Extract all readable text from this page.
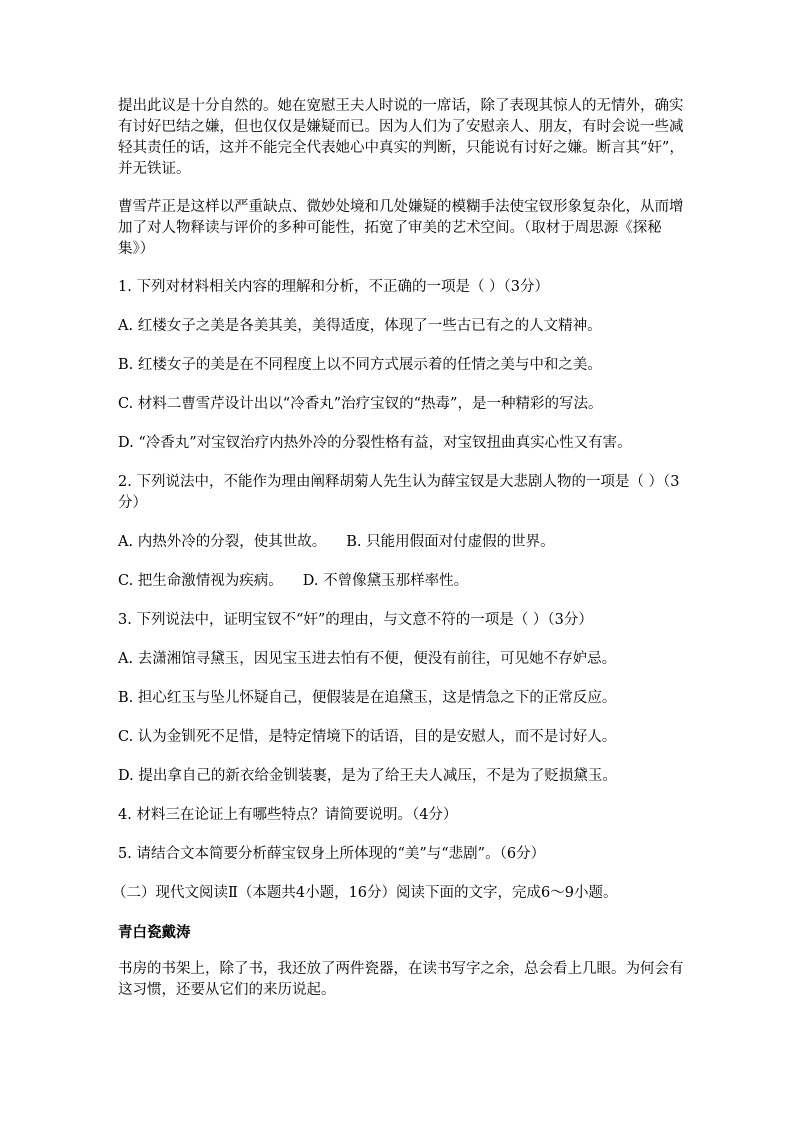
提出此议是十分自然的。她在宽慰王夫人时说的一席话，除了表现其惊人的无情外，确实有讨好巴结之嫌，但也仅仅是嫌疑而已。因为人们为了安慰亲人、朋友，有时会说一些减轻其责任的话，这并不能完全代表她心中真实的判断，只能说有讨好之嫌。断言其“奸”，并无铁证。

曹雪芹正是这样以严重缺点、微妙处境和几处嫌疑的模糊手法使宝钗形象复杂化，从而增加了对人物释读与评价的多种可能性，拓宽了审美的艺术空间。（取材于周思源《探秘集》）

1. 下列对材料相关内容的理解和分析，不正确的一项是（ ）（3分）

A. 红楼女子之美是各美其美，美得适度，体现了一些古已有之的人文精神。

B. 红楼女子的美是在不同程度上以不同方式展示着的任情之美与中和之美。

C. 材料二曹雪芹设计出以“冷香丸”治疗宝钗的“热毒”，是一种精彩的写法。

D. “冷香丸”对宝钗治疗内热外冷的分裂性格有益，对宝钗扭曲真实心性又有害。

2. 下列说法中，不能作为理由阐释胡菊人先生认为薛宝钗是大悲剧人物的一项是（ ）（3分）

A. 内热外冷的分裂，使其世故。 B. 只能用假面对付虚假的世界。

C. 把生命激情视为疾病。 D. 不曾像黛玉那样率性。

3. 下列说法中，证明宝钗不“奸”的理由，与文意不符的一项是（ ）（3分）

A. 去潇湘馆寻黛玉，因见宝玉进去怕有不便，便没有前往，可见她不存妒忌。

B. 担心红玉与坠儿怀疑自己，便假装是在追黛玉，这是情急之下的正常反应。

C. 认为金钏死不足惜，是特定情境下的话语，目的是安慰人，而不是讨好人。

D. 提出拿自己的新衣给金钏装裹，是为了给王夫人减压，不是为了贬损黛玉。

4. 材料三在论证上有哪些特点？请简要说明。（4分）

5. 请结合文本简要分析薛宝钗身上所体现的“美”与“悲剧”。（6分）

（二）现代文阅读Ⅱ（本题共4小题，16分）阅读下面的文字，完成6～9小题。

青白瓷戴涛

书房的书架上，除了书，我还放了两件瓷器，在读书写字之余，总会看上几眼。为何会有这习惯，还要从它们的来历说起。
